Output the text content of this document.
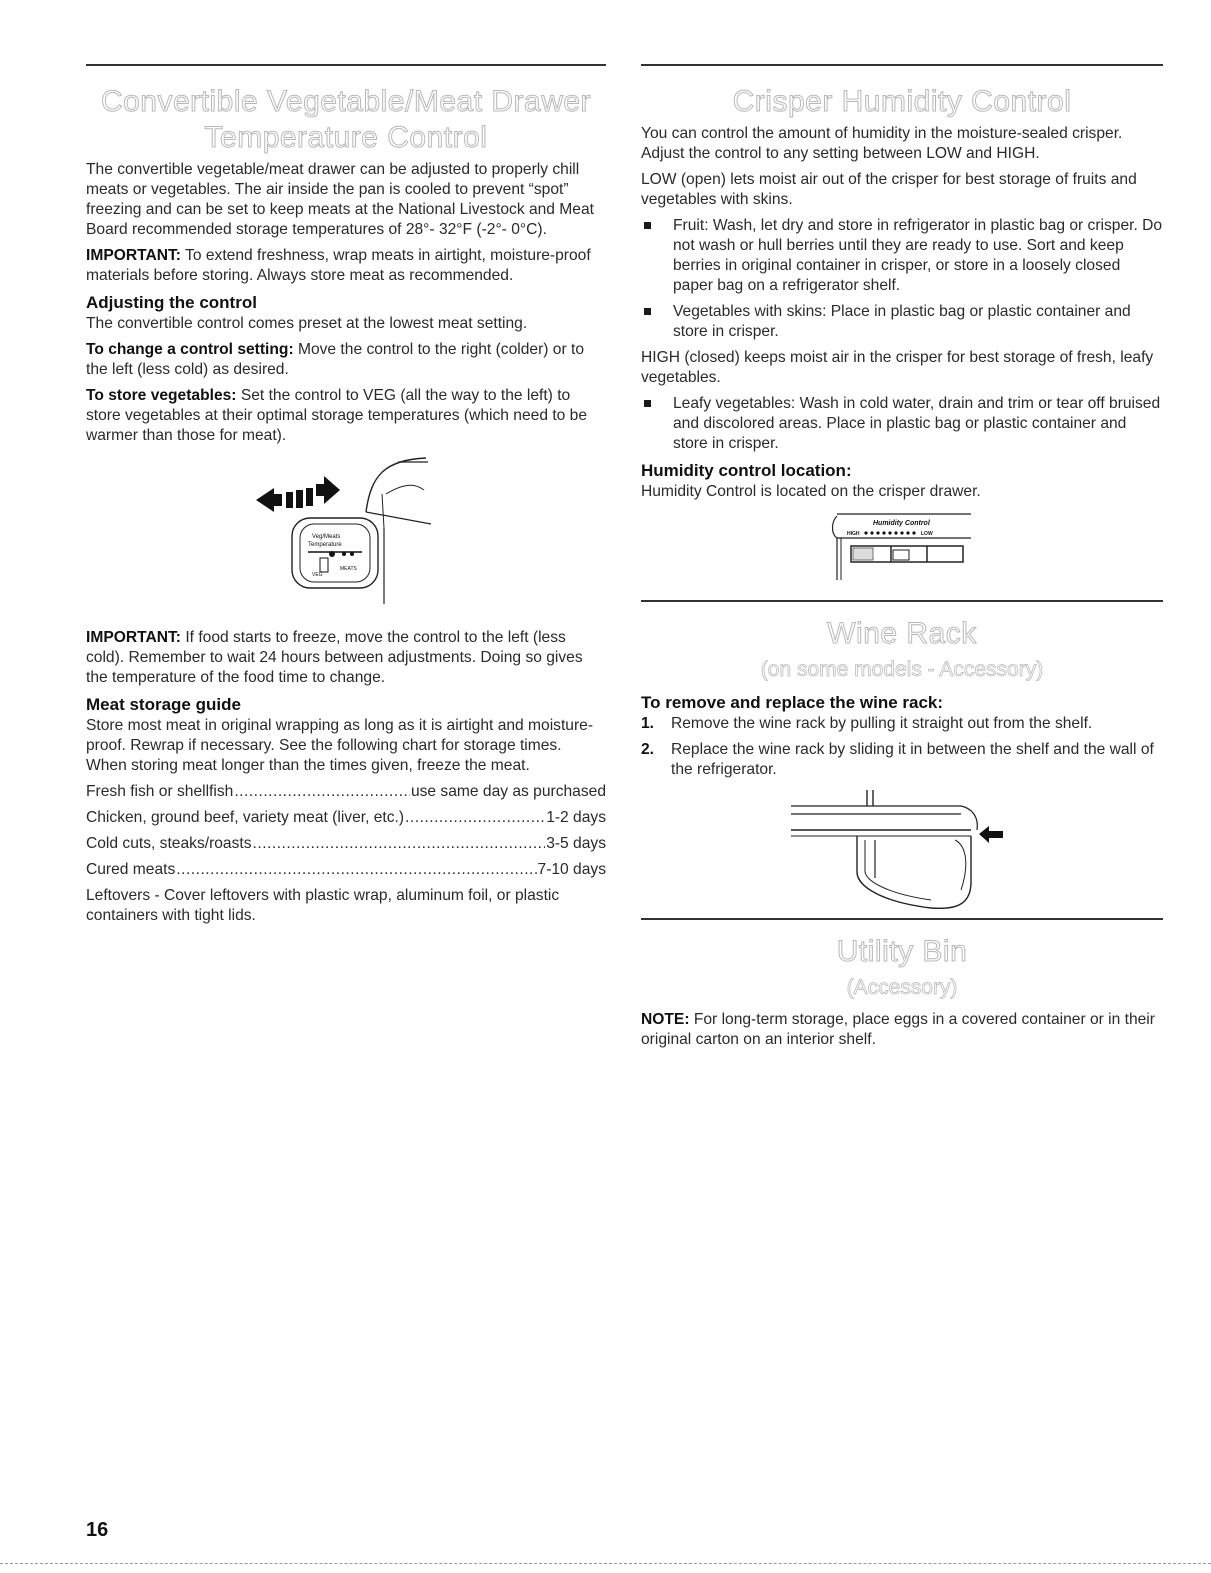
Convertible Vegetable/Meat Drawer
Temperature Control

The convertible vegetable/meat drawer can be adjusted to properly chill meats or vegetables. The air inside the pan is cooled to prevent “spot” freezing and can be set to keep meats at the National Livestock and Meat Board recommended storage temperatures of 28°- 32°F (-2°- 0°C).

IMPORTANT: To extend freshness, wrap meats in airtight, moisture-proof materials before storing. Always store meat as recommended.

Adjusting the control

The convertible control comes preset at the lowest meat setting.

To change a control setting: Move the control to the right (colder) or to the left (less cold) as desired.

To store vegetables: Set the control to VEG (all the way to the left) to store vegetables at their optimal storage temperatures (which need to be warmer than those for meat).

Veg/Meats
Temperature
VEG
MEATS

IMPORTANT: If food starts to freeze, move the control to the left (less cold). Remember to wait 24 hours between adjustments. Doing so gives the temperature of the food time to change.

Meat storage guide

Store most meat in original wrapping as long as it is airtight and moisture-proof. Rewrap if necessary. See the following chart for storage times. When storing meat longer than the times given, freeze the meat.

Fresh fish or shellfish .....	use same day as purchased
Chicken, ground beef, variety meat (liver, etc.) .....	1-2 days
Cold cuts, steaks/roasts .....	3-5 days
Cured meats .....	7-10 days

Leftovers - Cover leftovers with plastic wrap, aluminum foil, or plastic containers with tight lids.

Crisper Humidity Control

You can control the amount of humidity in the moisture-sealed crisper. Adjust the control to any setting between LOW and HIGH.

LOW (open) lets moist air out of the crisper for best storage of fruits and vegetables with skins.

Fruit: Wash, let dry and store in refrigerator in plastic bag or crisper. Do not wash or hull berries until they are ready to use. Sort and keep berries in original container in crisper, or store in a loosely closed paper bag on a refrigerator shelf.
Vegetables with skins: Place in plastic bag or plastic container and store in crisper.

HIGH (closed) keeps moist air in the crisper for best storage of fresh, leafy vegetables.

Leafy vegetables: Wash in cold water, drain and trim or tear off bruised and discolored areas. Place in plastic bag or plastic container and store in crisper.
Humidity control location:

Humidity Control is located on the crisper drawer.

Humidity Control
HIGH	LOW
Wine Rack
(on some models - Accessory)
To remove and replace the wine rack:
1. Remove the wine rack by pulling it straight out from the shelf.
2. Replace the wine rack by sliding it in between the shelf and the wall of the refrigerator.
Utility Bin
(Accessory)

NOTE: For long-term storage, place eggs in a covered container or in their original carton on an interior shelf.

16
